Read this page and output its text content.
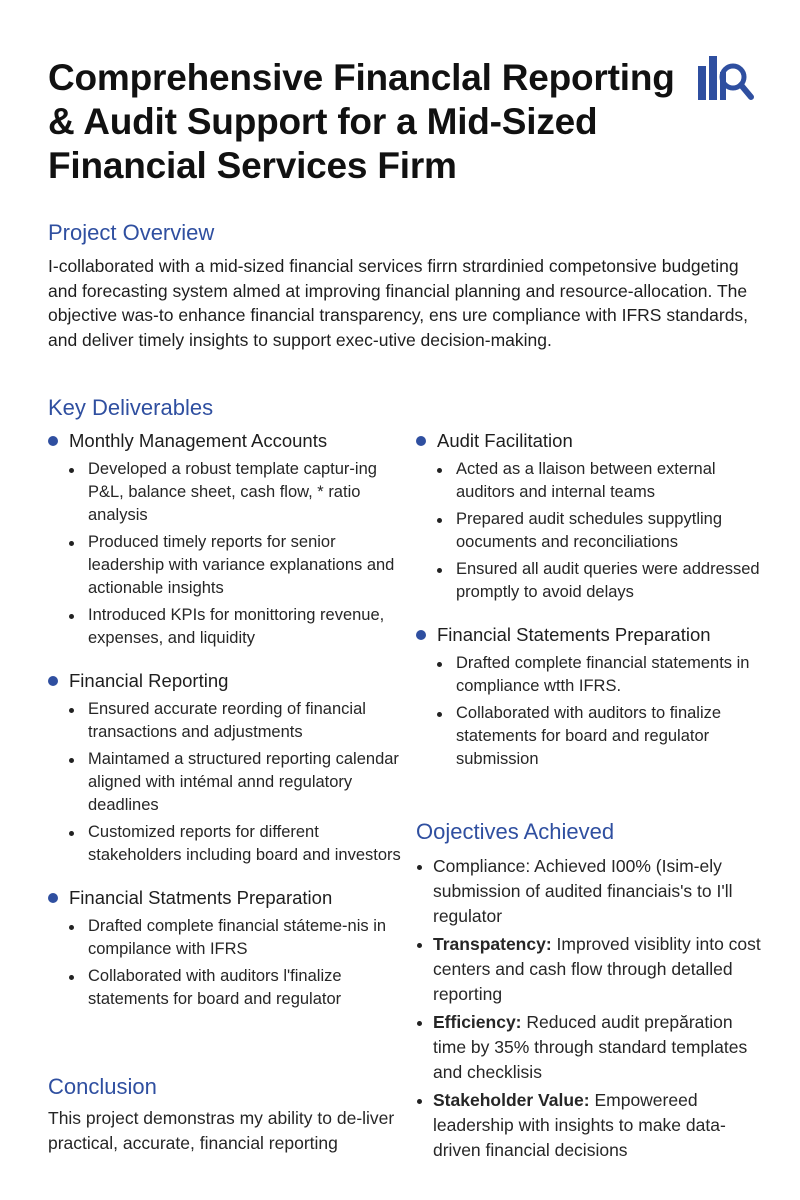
Comprehensive Financlal Reporting & Audit Support for a Mid-Sized Financial Services Firm
Project Overview
I-collaborated with a mid-sized financial services firrn strɑrdinied competonsive budgeting and forecasting system almed at improving financial planning and resource-allocation. The objective was-to enhance financial transparency, ens ure compliance with IFRS standards, and deliver timely insights to support exec-utive decision-making.
Key Deliverables
Monthly Management Accounts
Developed a robust template captur-ing P&L, balance sheet, cash flow, * ratio analysis
Produced timely reports for senior leadership with variance explanations and actionable insights
Introduced KPIs for monittoring revenue, expenses, and liquidity
Financial Reporting
Ensured accurate reording of financial transactions and adjustments
Maintamed a structured reporting calendar aligned with intémal annd regulatory deadlines
Customized reports for different stakeholders including board and investors
Financial Statments Preparation
Drafted complete financial státeme-nis in compilance with IFRS
Collaborated with auditors l'finalize statements for board and regulator
Audit Facilitation
Acted as a llaison between external auditors and internal teams
Prepared audit schedules suppytling oocuments and reconciliations
Ensured all audit queries were addressed promptly to avoid delays
Financial Statements Preparation
Drafted complete financial statements in compliance wtth IFRS.
Collaborated with auditors to finalize statements for board and regulator submission
Oojectives Achieved
Compliance: Achieved I00% (Isim-ely submission of audited financiais's to I'll regulator
Transpatency: Improved visiblity into cost centers and cash flow through detalled reporting
Efficiency: Reduced audit prepăration time by 35% through standard templates and checklisis
Stakeholder Value: Empowereed leadership with insights to make data-driven financial decisions
Conclusion
This project demonstras my ability to de-liver practical, accurate, financial reporting
